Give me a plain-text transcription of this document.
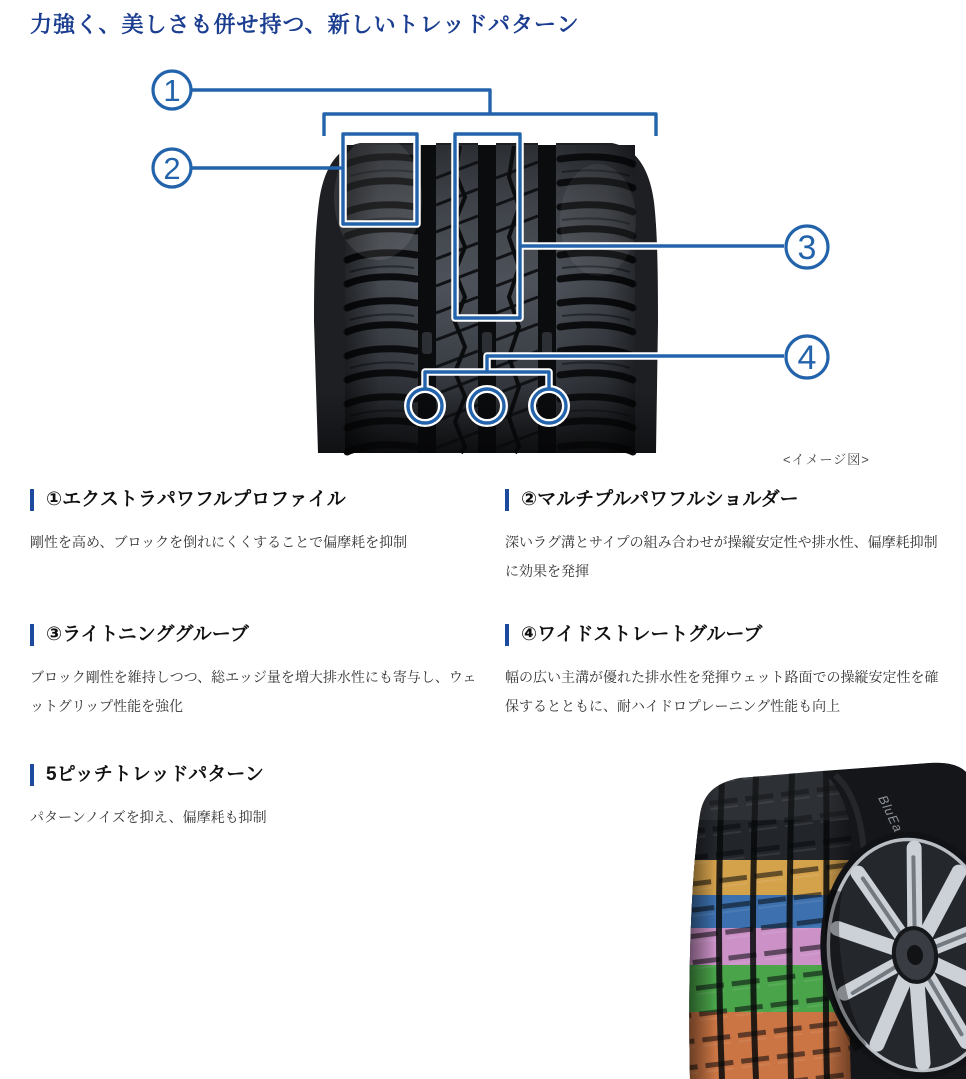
力強く、美しさも併せ持つ、新しいトレッドパターン
1
2
3
4
<イメージ図>
①エクストラパワフルプロファイル

剛性を高め、ブロックを倒れにくくすることで偏摩耗を抑制

②マルチプルパワフルショルダー

深いラグ溝とサイプの組み合わせが操縦安定性や排水性、偏摩耗抑制に効果を発揮

③ライトニンググルーブ

ブロック剛性を維持しつつ、総エッジ量を増大排水性にも寄与し、ウェットグリップ性能を強化

④ワイドストレートグルーブ

幅の広い主溝が優れた排水性を発揮ウェット路面での操縦安定性を確保するとともに、耐ハイドロプレーニング性能も向上

5ピッチトレッドパターン

パターンノイズを抑え、偏摩耗も抑制
